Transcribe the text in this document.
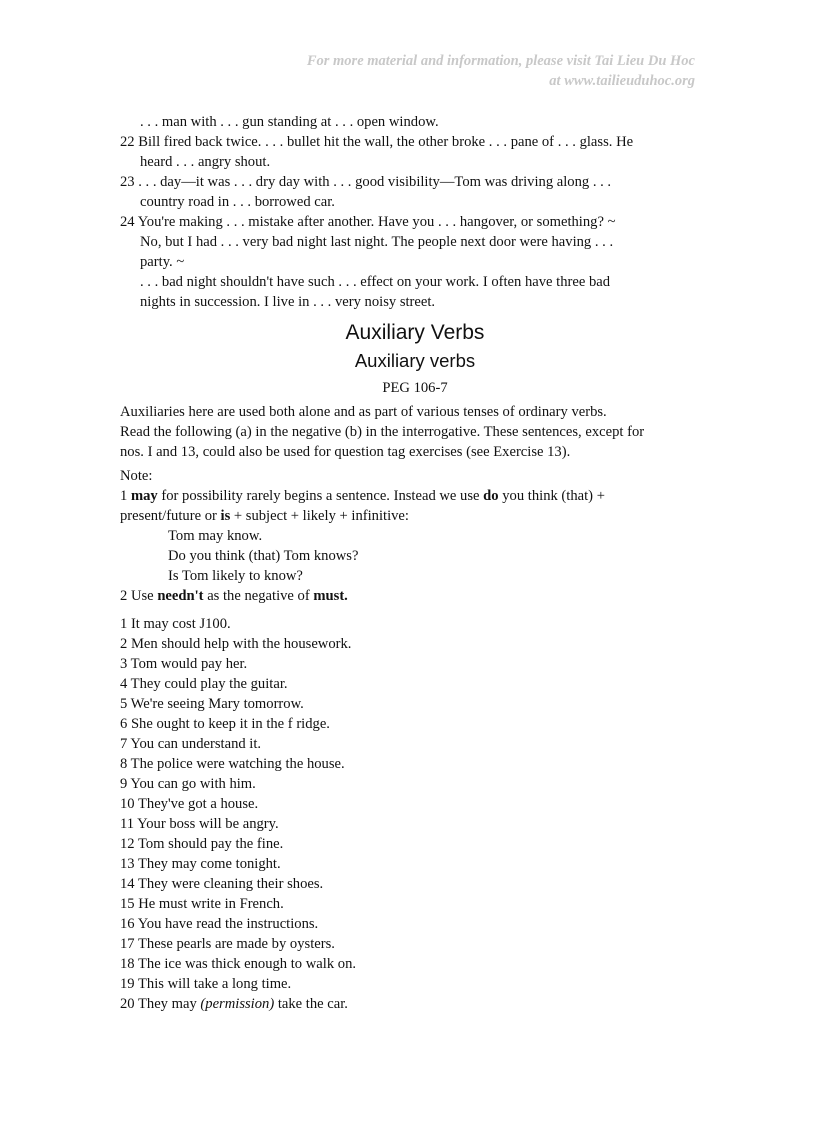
For more material and information, please visit Tai Lieu Du Hoc
at www.tailieuduhoc.org
. . . man with . . . gun standing at . . . open window.
22 Bill fired back twice. . . . bullet hit the wall, the other broke . . . pane of . . . glass. He
heard . . . angry shout.
23 . . . day—it was . . . dry day with . . . good visibility—Tom was driving along . . .
country road in . . . borrowed car.
24 You're making . . . mistake after another. Have you . . . hangover, or something? ~
No, but I had . . . very bad night last night. The people next door were having . . .
party. ~
. . . bad night shouldn't have such . . . effect on your work. I often have three bad
nights in succession. I live in . . . very noisy street.
Auxiliary Verbs
Auxiliary verbs
PEG 106-7
Auxiliaries here are used both alone and as part of various tenses of ordinary verbs.
Read the following (a) in the negative (b) in the interrogative. These sentences, except for
nos. I and 13, could also be used for question tag exercises (see Exercise 13).
Note:
1 may for possibility rarely begins a sentence. Instead we use do you think (that) +
present/future or is + subject + likely + infinitive:
Tom may know.
Do you think (that) Tom knows?
Is Tom likely to know?
2 Use needn't as the negative of must.
1 It may cost J100.
2 Men should help with the housework.
3 Tom would pay her.
4 They could play the guitar.
5 We're seeing Mary tomorrow.
6 She ought to keep it in the f ridge.
7 You can understand it.
8 The police were watching the house.
9 You can go with him.
10 They've got a house.
11 Your boss will be angry.
12 Tom should pay the fine.
13 They may come tonight.
14 They were cleaning their shoes.
15 He must write in French.
16 You have read the instructions.
17 These pearls are made by oysters.
18 The ice was thick enough to walk on.
19 This will take a long time.
20 They may (permission) take the car.
